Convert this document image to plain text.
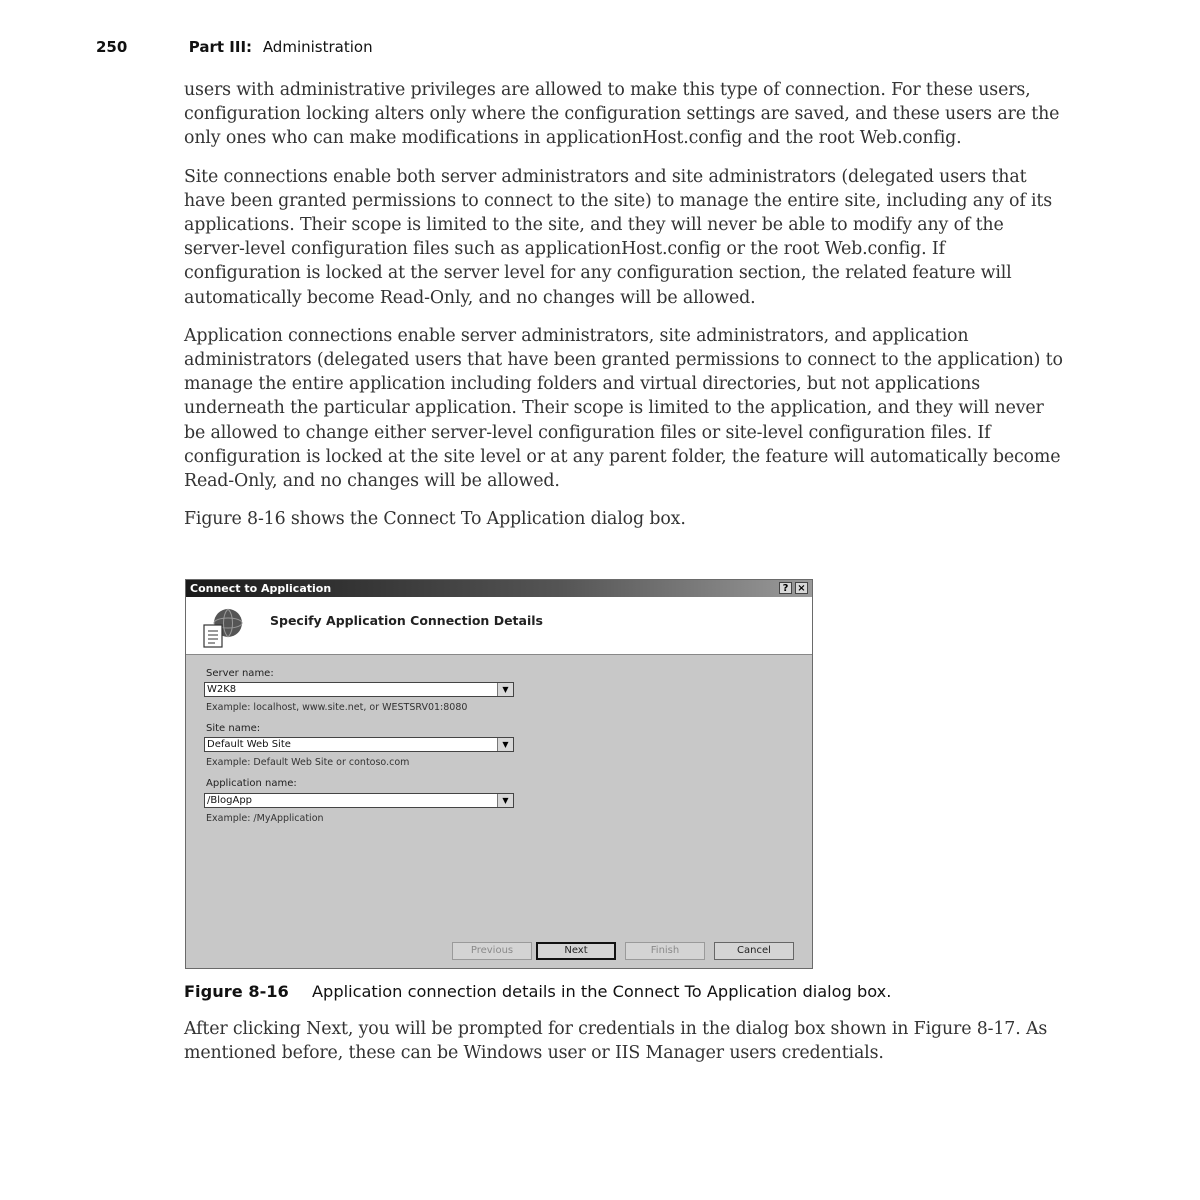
250	Part III: Administration

users with administrative privileges are allowed to make this type of connection. For these users, configuration locking alters only where the configuration settings are saved, and these users are the only ones who can make modifications in applicationHost.config and the root Web.config.

Site connections enable both server administrators and site administrators (delegated users that have been granted permissions to connect to the site) to manage the entire site, including any of its applications. Their scope is limited to the site, and they will never be able to modify any of the server-level configuration files such as applicationHost.config or the root Web.config. If configuration is locked at the server level for any configuration section, the related feature will automatically become Read-Only, and no changes will be allowed.

Application connections enable server administrators, site administrators, and application administrators (delegated users that have been granted permissions to connect to the application) to manage the entire application including folders and virtual directories, but not applications underneath the particular application. Their scope is limited to the application, and they will never be allowed to change either server-level configuration files or site-level configuration files. If configuration is locked at the site level or at any parent folder, the feature will automatically become Read-Only, and no changes will be allowed.

Figure 8-16 shows the Connect To Application dialog box.

Connect to Application	? ×
Specify Application Connection Details
Server name:
W2K8	▼
Example: localhost, www.site.net, or WESTSRV01:8080
Site name:
Default Web Site	▼
Example: Default Web Site or contoso.com
Application name:
/BlogApp	▼
Example: /MyApplication
Previous	Next	Finish	Cancel
Figure 8-16 Application connection details in the Connect To Application dialog box.

After clicking Next, you will be prompted for credentials in the dialog box shown in Figure 8-17. As mentioned before, these can be Windows user or IIS Manager users credentials.
